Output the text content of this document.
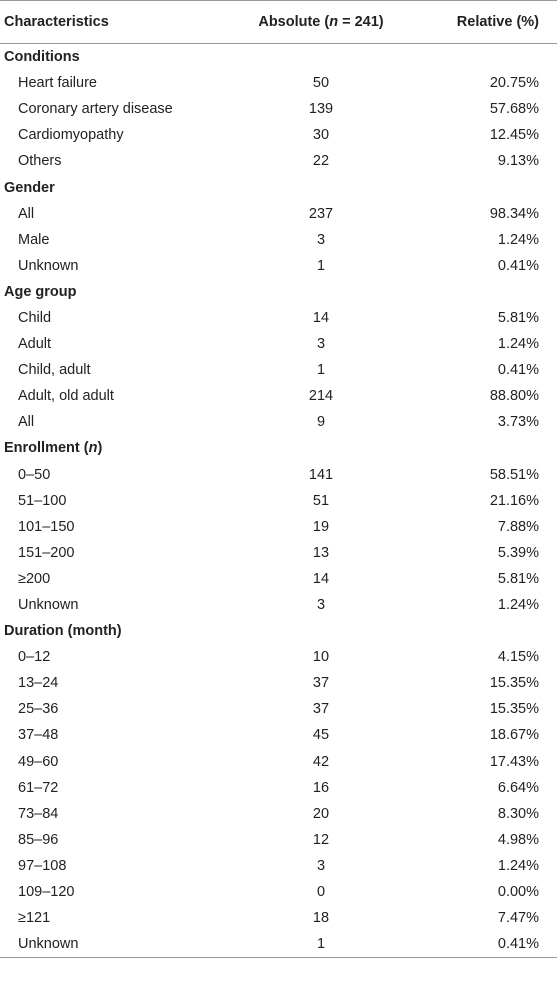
Characteristics	Absolute (n = 241)	Relative (%)
Conditions
Heart failure	50	20.75%
Coronary artery disease	139	57.68%
Cardiomyopathy	30	12.45%
Others	22	9.13%
Gender
All	237	98.34%
Male	3	1.24%
Unknown	1	0.41%
Age group
Child	14	5.81%
Adult	3	1.24%
Child, adult	1	0.41%
Adult, old adult	214	88.80%
All	9	3.73%
Enrollment (n)
0–50	141	58.51%
51–100	51	21.16%
101–150	19	7.88%
151–200	13	5.39%
≥200	14	5.81%
Unknown	3	1.24%
Duration (month)
0–12	10	4.15%
13–24	37	15.35%
25–36	37	15.35%
37–48	45	18.67%
49–60	42	17.43%
61–72	16	6.64%
73–84	20	8.30%
85–96	12	4.98%
97–108	3	1.24%
109–120	0	0.00%
≥121	18	7.47%
Unknown	1	0.41%
